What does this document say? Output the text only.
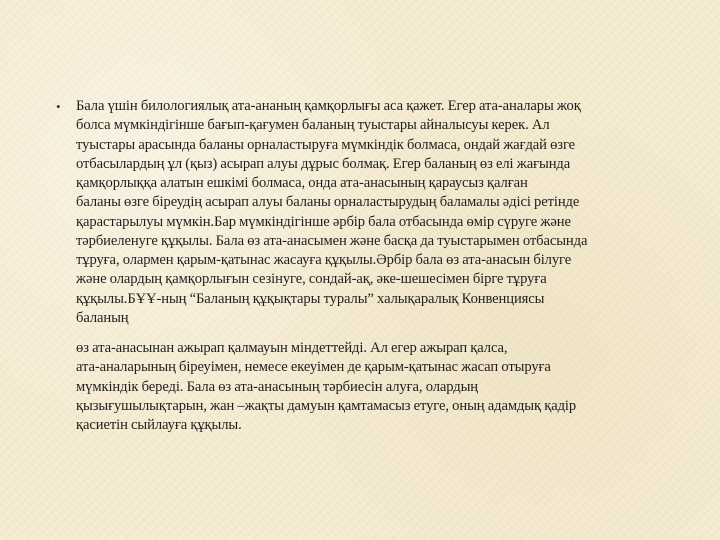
• Бала үшін билологиялық ата-ананың қамқорлығы аса қажет. Егер ата-аналары жоқ
болса мүмкіндігінше бағып-қағумен баланың туыстары айналысуы керек. Ал
туыстары арасында баланы орналастыруға мүмкіндік болмаса, ондай жағдай өзге
отбасылардың ұл (қыз) асырап алуы дұрыс болмақ. Егер баланың өз елі жағында
қамқорлыққа алатын ешкімі болмаса, онда ата-анасының қараусыз қалған
баланы өзге біреудің асырап алуы баланы орналастырудың баламалы әдісі ретінде
қарастарылуы мүмкін.Бар мүмкіндігінше әрбір бала отбасында өмір сүруге және
тәрбиеленуге құқылы. Бала өз ата-анасымен және басқа да туыстарымен отбасында
тұруға, олармен қарым-қатынас жасауға құқылы.Әрбір бала өз ата-анасын білуге
және олардың қамқорлығын сезінуге, сондай-ақ, әке-шешесімен бірге тұруға
құқылы.БҰҰ-ның “Баланың құқықтары туралы” халықаралық Конвенциясы
баланың

өз ата-анасынан ажырап қалмауын міндеттейді. Ал егер ажырап қалса,
ата-аналарының біреуімен, немесе екеуімен де қарым-қатынас жасап отыруға
мүмкіндік береді. Бала өз ата-анасының тәрбиесін алуға, олардың
қызығушылықтарын, жан –жақты дамуын қамтамасыз етуге, оның адамдық қадір
қасиетін сыйлауға құқылы.
